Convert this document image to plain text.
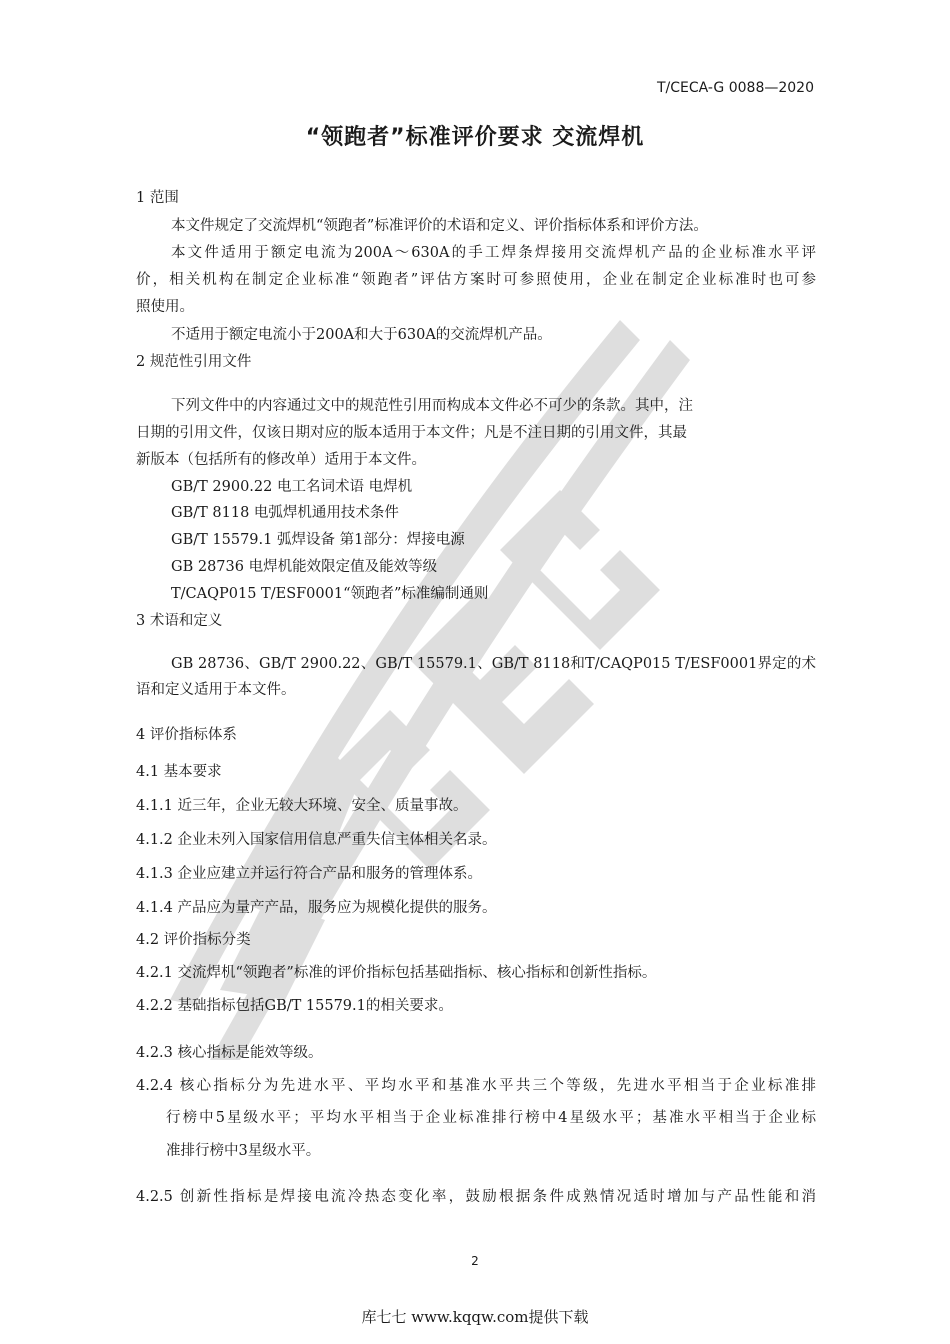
T/CECA-G 0088—2020
“领跑者”标准评价要求 交流焊机
1 范围
本文件规定了交流焊机“领跑者”标准评价的术语和定义、评价指标体系和评价方法。
本文件适用于额定电流为200A～630A的手工焊条焊接用交流焊机产品的企业标准水平评
价，相关机构在制定企业标准“领跑者”评估方案时可参照使用，企业在制定企业标准时也可参
照使用。
不适用于额定电流小于200A和大于630A的交流焊机产品。
2 规范性引用文件
下列文件中的内容通过文中的规范性引用而构成本文件必不可少的条款。其中，注
日期的引用文件，仅该日期对应的版本适用于本文件；凡是不注日期的引用文件，其最
新版本（包括所有的修改单）适用于本文件。
GB/T 2900.22 电工名词术语 电焊机
GB/T 8118 电弧焊机通用技术条件
GB/T 15579.1 弧焊设备 第1部分：焊接电源
GB 28736 电焊机能效限定值及能效等级
T/CAQP015 T/ESF0001“领跑者”标准编制通则
3 术语和定义
GB 28736、GB/T 2900.22、GB/T 15579.1、GB/T 8118和T/CAQP015 T/ESF0001界定的术
语和定义适用于本文件。
4 评价指标体系
4.1 基本要求
4.1.1 近三年，企业无较大环境、安全、质量事故。
4.1.2 企业未列入国家信用信息严重失信主体相关名录。
4.1.3 企业应建立并运行符合产品和服务的管理体系。
4.1.4 产品应为量产产品，服务应为规模化提供的服务。
4.2 评价指标分类
4.2.1 交流焊机“领跑者”标准的评价指标包括基础指标、核心指标和创新性指标。
4.2.2 基础指标包括GB/T 15579.1的相关要求。
4.2.3 核心指标是能效等级。
4.2.4 核心指标分为先进水平、平均水平和基准水平共三个等级，先进水平相当于企业标准排
行榜中5星级水平；平均水平相当于企业标准排行榜中4星级水平；基准水平相当于企业标
准排行榜中3星级水平。
4.2.5 创新性指标是焊接电流冷热态变化率，鼓励根据条件成熟情况适时增加与产品性能和消
2
库七七 www.kqqw.com提供下载
